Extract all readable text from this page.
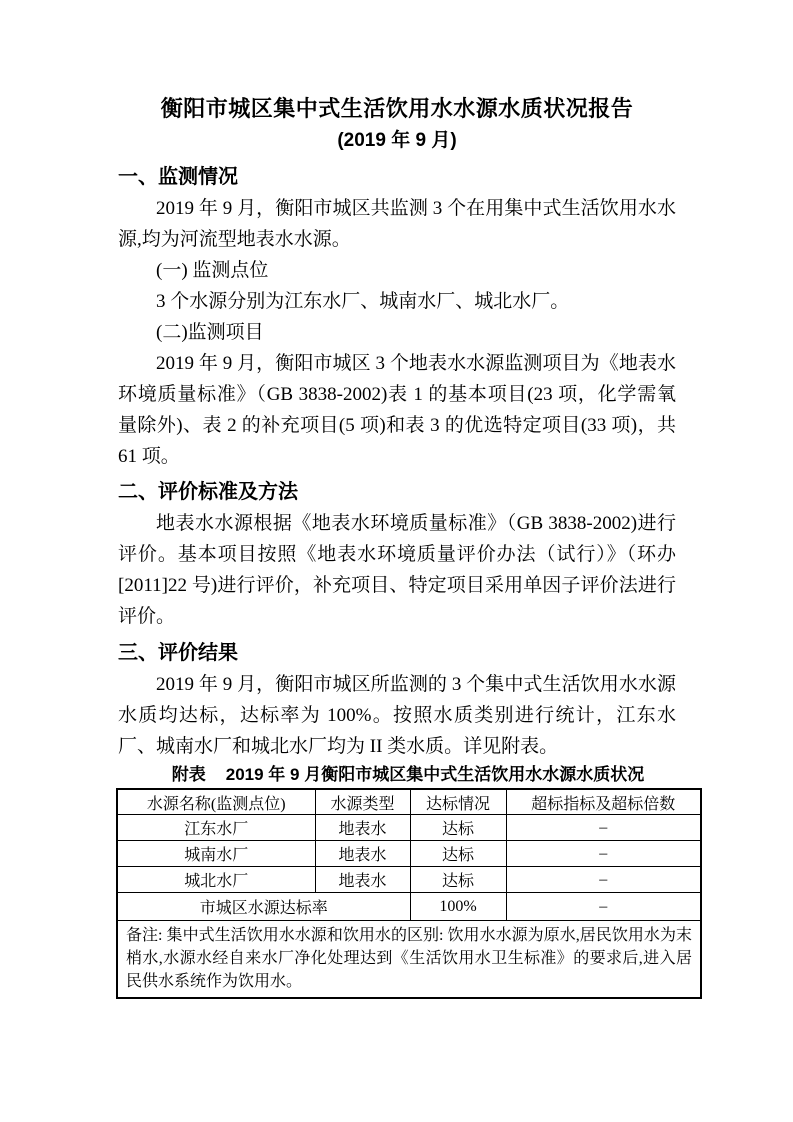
衡阳市城区集中式生活饮用水水源水质状况报告
(2019 年 9 月)
一、监测情况

2019 年 9 月，衡阳市城区共监测 3 个在用集中式生活饮用水水源,均为河流型地表水水源。

(一) 监测点位

3 个水源分别为江东水厂、城南水厂、城北水厂。

(二)监测项目

2019 年 9 月，衡阳市城区 3 个地表水水源监测项目为《地表水环境质量标准》（GB 3838-2002)表 1 的基本项目(23 项，化学需氧量除外)、表 2 的补充项目(5 项)和表 3 的优选特定项目(33 项)，共 61 项。

二、评价标准及方法

地表水水源根据《地表水环境质量标准》（GB 3838-2002)进行评价。基本项目按照《地表水环境质量评价办法（试行）》（环办[2011]22 号)进行评价，补充项目、特定项目采用单因子评价法进行评价。

三、评价结果

2019 年 9 月，衡阳市城区所监测的 3 个集中式生活饮用水水源水质均达标，达标率为 100%。按照水质类别进行统计，江东水厂、城南水厂和城北水厂均为 II 类水质。详见附表。

附表 2019 年 9 月衡阳市城区集中式生活饮用水水源水质状况
水源名称(监测点位)	水源类型	达标情况	超标指标及超标倍数
江东水厂	地表水	达标	–
城南水厂	地表水	达标	–
城北水厂	地表水	达标	–
市城区水源达标率		100%	–
备注: 集中式生活饮用水水源和饮用水的区别: 饮用水水源为原水,居民饮用水为末梢水,水源水经自来水厂净化处理达到《生活饮用水卫生标准》的要求后,进入居民供水系统作为饮用水。			
